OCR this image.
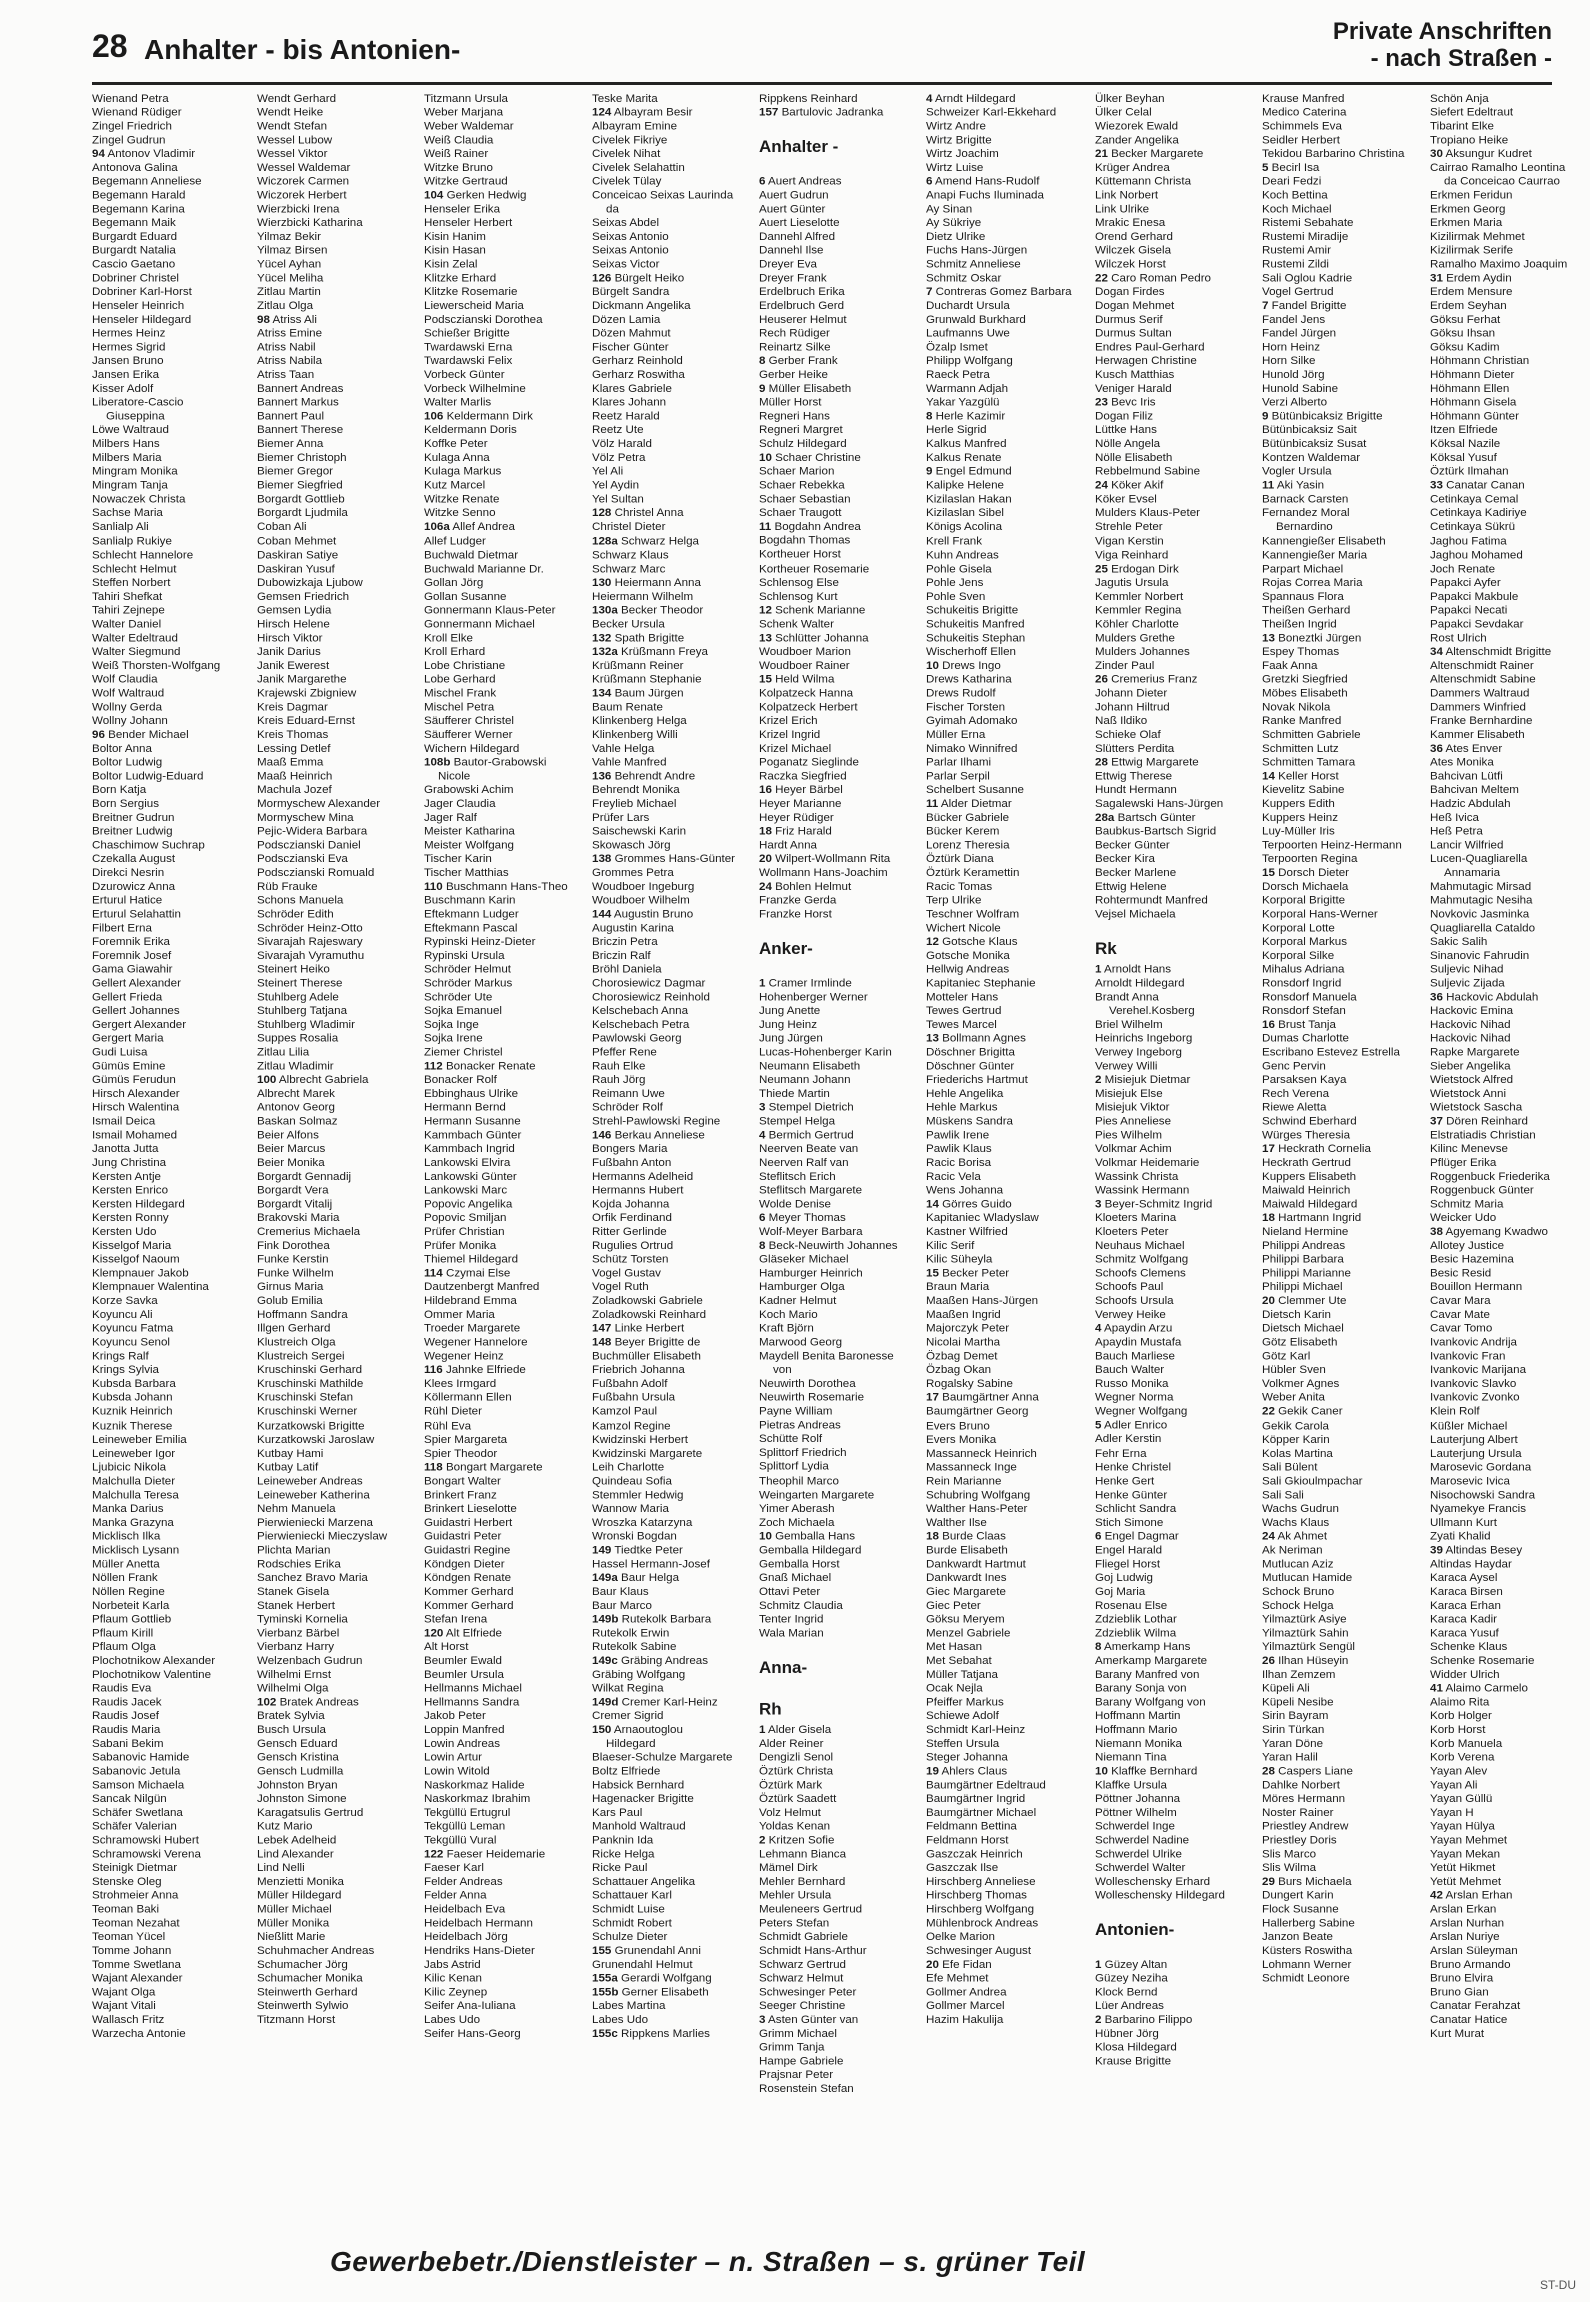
28 Anhalter - bis Antonien-
Private Anschriften
- nach Straßen -
Wienand Petra
Wienand Rüdiger
Zingel Friedrich
Zingel Gudrun
94 Antonov Vladimir
Antonova Galina
Begemann Anneliese
Begemann Harald
Begemann Karina
Begemann Maik
Burgardt Eduard
Burgardt Natalia
Cascio Gaetano
Dobriner Christel
Dobriner Karl-Horst
Henseler Heinrich
Henseler Hildegard
Hermes Heinz
Hermes Sigrid
Jansen Bruno
Jansen Erika
Kisser Adolf
Liberatore-Cascio
Giuseppina
Löwe Waltraud
Milbers Hans
Milbers Maria
Mingram Monika
Mingram Tanja
Nowaczek Christa
Sachse Maria
Sanlialp Ali
Sanlialp Rukiye
Schlecht Hannelore
Schlecht Helmut
Steffen Norbert
Tahiri Shefkat
Tahiri Zejnepe
Walter Daniel
Walter Edeltraud
Walter Siegmund
Weiß Thorsten-Wolfgang
Wolf Claudia
Wolf Waltraud
Wollny Gerda
Wollny Johann
96 Bender Michael
Boltor Anna
Boltor Ludwig
Boltor Ludwig-Eduard
Born Katja
Born Sergius
Breitner Gudrun
Breitner Ludwig
Chaschimow Suchrap
Czekalla August
Direkci Nesrin
Dzurowicz Anna
Erturul Hatice
Erturul Selahattin
Filbert Erna
Foremnik Erika
Foremnik Josef
Gama Giawahir
Gellert Alexander
Gellert Frieda
Gellert Johannes
Gergert Alexander
Gergert Maria
Gudi Luisa
Gümüs Emine
Gümüs Ferudun
Hirsch Alexander
Hirsch Walentina
Ismail Deica
Ismail Mohamed
Janotta Jutta
Jung Christina
Kersten Antje
Kersten Enrico
Kersten Hildegard
Kersten Ronny
Kersten Udo
Kisselgof Maria
Kisselgof Naoum
Klempnauer Jakob
Klempnauer Walentina
Korze Savka
Koyuncu Ali
Koyuncu Fatma
Koyuncu Senol
Krings Ralf
Krings Sylvia
Kubsda Barbara
Kubsda Johann
Kuznik Heinrich
Kuznik Therese
Leineweber Emilia
Leineweber Igor
Ljubicic Nikola
Malchulla Dieter
Malchulla Teresa
Manka Darius
Manka Grazyna
Micklisch Ilka
Micklisch Lysann
Müller Anetta
Nöllen Frank
Nöllen Regine
Norbeteit Karla
Pflaum Gottlieb
Pflaum Kirill
Pflaum Olga
Plochotnikow Alexander
Plochotnikow Valentine
Raudis Eva
Raudis Jacek
Raudis Josef
Raudis Maria
Sabani Bekim
Sabanovic Hamide
Sabanovic Jetula
Samson Michaela
Sancak Nilgün
Schäfer Swetlana
Schäfer Valerian
Schramowski Hubert
Schramowski Verena
Steinigk Dietmar
Stenske Oleg
Strohmeier Anna
Teoman Baki
Teoman Nezahat
Teoman Yücel
Tomme Johann
Tomme Swetlana
Wajant Alexander
Wajant Olga
Wajant Vitali
Wallasch Fritz
Warzecha Antonie
Wendt Gerhard
Wendt Heike
Wendt Stefan
Wessel Lubow
Wessel Viktor
Wessel Waldemar
Wiczorek Carmen
Wiczorek Herbert
Wierzbicki Irena
Wierzbicki Katharina
Yilmaz Bekir
Yilmaz Birsen
Yücel Ayhan
Yücel Meliha
Zitlau Martin
Zitlau Olga
98 Atriss Ali
Atriss Emine
Atriss Nabil
Atriss Nabila
Atriss Taan
Bannert Andreas
Bannert Markus
Bannert Paul
Bannert Therese
Biemer Anna
Biemer Christoph
Biemer Gregor
Biemer Siegfried
Borgardt Gottlieb
Borgardt Ljudmila
Coban Ali
Coban Mehmet
Daskiran Satiye
Daskiran Yusuf
Dubowizkaja Ljubow
Gemsen Friedrich
Gemsen Lydia
Hirsch Helene
Hirsch Viktor
Janik Darius
Janik Ewerest
Janik Margarethe
Krajewski Zbigniew
Kreis Dagmar
Kreis Eduard-Ernst
Kreis Thomas
Lessing Detlef
Maaß Emma
Maaß Heinrich
Machula Jozef
Mormyschew Alexander
Mormyschew Mina
Pejic-Widera Barbara
Podsczianski Daniel
Podsczianski Eva
Podsczianski Romuald
Rüb Frauke
Schons Manuela
Schröder Edith
Schröder Heinz-Otto
Sivarajah Rajeswary
Sivarajah Vyramuthu
Steinert Heiko
Steinert Therese
Stuhlberg Adele
Stuhlberg Tatjana
Stuhlberg Wladimir
Suppes Rosalia
Zitlau Lilia
Zitlau Wladimir
100 Albrecht Gabriela
Albrecht Marek
Antonov Georg
Baskan Solmaz
Beier Alfons
Beier Marcus
Beier Monika
Borgardt Gennadij
Borgardt Vera
Borgardt Vitalij
Brakovski Maria
Cremerius Michaela
Fink Dorothea
Funke Kerstin
Funke Wilhelm
Girnus Maria
Golub Emilia
Hoffmann Sandra
Illgen Gerhard
Klustreich Olga
Klustreich Sergei
Kruschinski Gerhard
Kruschinski Mathilde
Kruschinski Stefan
Kruschinski Werner
Kurzatkowski Brigitte
Kurzatkowski Jaroslaw
Kutbay Hami
Kutbay Latif
Leineweber Andreas
Leineweber Katherina
Nehm Manuela
Pierwieniecki Marzena
Pierwieniecki Mieczyslaw
Plichta Marian
Rodschies Erika
Sanchez Bravo Maria
Stanek Gisela
Stanek Herbert
Tyminski Kornelia
Vierbanz Bärbel
Vierbanz Harry
Welzenbach Gudrun
Wilhelmi Ernst
Wilhelmi Olga
102 Bratek Andreas
Bratek Sylvia
Busch Ursula
Gensch Eduard
Gensch Kristina
Gensch Ludmilla
Johnston Bryan
Johnston Simone
Karagatsulis Gertrud
Kutz Mario
Lebek Adelheid
Lind Alexander
Lind Nelli
Menzietti Monika
Müller Hildegard
Müller Michael
Müller Monika
Nießlitt Marie
Schuhmacher Andreas
Schumacher Jörg
Schumacher Monika
Steinwerth Gerhard
Steinwerth Sylwio
Titzmann Horst
Titzmann Ursula
Weber Marjana
Weber Waldemar
Weiß Claudia
Weiß Rainer
Witzke Bruno
Witzke Gertraud
104 Gerken Hedwig
Henseler Erika
Henseler Herbert
Kisin Hanim
Kisin Hasan
Kisin Zelal
Klitzke Erhard
Klitzke Rosemarie
Liewerscheid Maria
Podsczianski Dorothea
Schießer Brigitte
Twardawski Erna
Twardawski Felix
Vorbeck Günter
Vorbeck Wilhelmine
Walter Marlis
106 Keldermann Dirk
Keldermann Doris
Koffke Peter
Kulaga Anna
Kulaga Markus
Kutz Marcel
Witzke Renate
Witzke Senno
106a Allef Andrea
Allef Ludger
Buchwald Dietmar
Buchwald Marianne Dr.
Gollan Jörg
Gollan Susanne
Gonnermann Klaus-Peter
Gonnermann Michael
Kroll Elke
Kroll Erhard
Lobe Christiane
Lobe Gerhard
Mischel Frank
Mischel Petra
Säufferer Christel
Säufferer Werner
Wichern Hildegard
108b Bautor-Grabowski
Nicole
Grabowski Achim
Jager Claudia
Jager Ralf
Meister Katharina
Meister Wolfgang
Tischer Karin
Tischer Matthias
110 Buschmann Hans-Theo
Buschmann Karin
Eftekmann Ludger
Eftekmann Pascal
Rypinski Heinz-Dieter
Rypinski Ursula
Schröder Helmut
Schröder Markus
Schröder Ute
Sojka Emanuel
Sojka Inge
Sojka Irene
Ziemer Christel
112 Bonacker Renate
Bonacker Rolf
Ebbinghaus Ulrike
Hermann Bernd
Hermann Susanne
Kammbach Günter
Kammbach Ingrid
Lankowski Elvira
Lankowski Günter
Lankowski Marc
Popovic Angelika
Popovic Smiljan
Prüfer Christian
Prüfer Monika
Thiemel Hildegard
114 Czymai Else
Dautzenbergt Manfred
Hildebrand Emma
Ommer Maria
Troeder Margarete
Wegener Hannelore
Wegener Heinz
116 Jahnke Elfriede
Klees Irmgard
Köllermann Ellen
Rühl Dieter
Rühl Eva
Spier Margareta
Spier Theodor
118 Bongart Margarete
Bongart Walter
Brinkert Franz
Brinkert Lieselotte
Guidastri Herbert
Guidastri Peter
Guidastri Regine
Köndgen Dieter
Köndgen Renate
Kommer Gerhard
Kommer Gerhard
Stefan Irena
120 Alt Elfriede
Alt Horst
Beumler Ewald
Beumler Ursula
Hellmanns Michael
Hellmanns Sandra
Jakob Peter
Loppin Manfred
Lowin Andreas
Lowin Artur
Lowin Witold
Naskorkmaz Halide
Naskorkmaz Ibrahim
Tekgüllü Ertugrul
Tekgüllü Leman
Tekgüllü Vural
122 Faeser Heidemarie
Faeser Karl
Felder Andreas
Felder Anna
Heidelbach Eva
Heidelbach Hermann
Heidelbach Jörg
Hendriks Hans-Dieter
Jabs Astrid
Kilic Kenan
Kilic Zeynep
Seifer Ana-Iuliana
Labes Udo
Seifer Hans-Georg
Teske Marita
124 Albayram Besir
Albayram Emine
Civelek Fikriye
Civelek Nihat
Civelek Selahattin
Civelek Tülay
Conceicao Seixas Laurinda
da
Seixas Abdel
Seixas Antonio
Seixas Antonio
Seixas Victor
126 Bürgelt Heiko
Bürgelt Sandra
Dickmann Angelika
Dözen Lamia
Dözen Mahmut
Fischer Günter
Gerharz Reinhold
Gerharz Roswitha
Klares Gabriele
Klares Johann
Reetz Harald
Reetz Ute
Völz Harald
Völz Petra
Yel Ali
Yel Aydin
Yel Sultan
128 Christel Anna
Christel Dieter
128a Schwarz Helga
Schwarz Klaus
Schwarz Marc
130 Heiermann Anna
Heiermann Wilhelm
130a Becker Theodor
Becker Ursula
132 Spath Brigitte
132a Krüßmann Freya
Krüßmann Reiner
Krüßmann Stephanie
134 Baum Jürgen
Baum Renate
Klinkenberg Helga
Klinkenberg Willi
Vahle Helga
Vahle Manfred
136 Behrendt Andre
Behrendt Monika
Freylieb Michael
Prüfer Lars
Saischewski Karin
Skowasch Jörg
138 Grommes Hans-Günter
Grommes Petra
Woudboer Ingeburg
Woudboer Wilhelm
144 Augustin Bruno
Augustin Karina
Briczin Petra
Briczin Ralf
Bröhl Daniela
Chorosiewicz Dagmar
Chorosiewicz Reinhold
Kelschebach Anna
Kelschebach Petra
Pawlowski Georg
Pfeffer Rene
Rauh Elke
Rauh Jörg
Reimann Uwe
Schröder Rolf
Strehl-Pawlowski Regine
146 Berkau Anneliese
Bongers Maria
Fußbahn Anton
Hermanns Adelheid
Hermanns Hubert
Kojda Johanna
Orfik Ferdinand
Ritter Gerlinde
Rugulies Ortrud
Schütz Torsten
Vogel Gustav
Vogel Ruth
Zoladkowski Gabriele
Zoladkowski Reinhard
147 Linke Herbert
148 Beyer Brigitte de
Buchmüller Elisabeth
Friebrich Johanna
Fußbahn Adolf
Fußbahn Ursula
Kamzol Paul
Kamzol Regine
Kwidzinski Herbert
Kwidzinski Margarete
Leih Charlotte
Quindeau Sofia
Stemmler Hedwig
Wannow Maria
Wroszka Katarzyna
Wronski Bogdan
149 Tiedtke Peter
Hassel Hermann-Josef
149a Baur Helga
Baur Klaus
Baur Marco
149b Rutekolk Barbara
Rutekolk Erwin
Rutekolk Sabine
149c Gräbing Andreas
Gräbing Wolfgang
Wilkat Regina
149d Cremer Karl-Heinz
Cremer Sigrid
150 Arnaoutoglou
Hildegard
Blaeser-Schulze Margarete
Boltz Elfriede
Habsick Bernhard
Hagenacker Brigitte
Kars Paul
Manhold Waltraud
Panknin Ida
Ricke Helga
Ricke Paul
Schattauer Angelika
Schattauer Karl
Schmidt Luise
Schmidt Robert
Schulze Dieter
155 Grunendahl Anni
Grunendahl Helmut
155a Gerardi Wolfgang
155b Gerner Elisabeth
Labes Martina
Labes Udo
155c Rippkens Marlies
Rippkens Reinhard
157 Bartulovic Jadranka

Anhalter -

6 Auert Andreas
Auert Gudrun
Auert Günter
Auert Lieselotte
Dannehl Alfred
Dannehl Ilse
Dreyer Eva
Dreyer Frank
Erdelbruch Erika
Erdelbruch Gerd
Heuserer Helmut
Rech Rüdiger
Reinartz Silke
8 Gerber Frank
Gerber Heike
9 Müller Elisabeth
Müller Horst
Regneri Hans
Regneri Margret
Schulz Hildegard
10 Schaer Christine
Schaer Marion
Schaer Rebekka
Schaer Sebastian
Schaer Traugott
11 Bogdahn Andrea
Bogdahn Thomas
Kortheuer Horst
Kortheuer Rosemarie
Schlensog Else
Schlensog Kurt
12 Schenk Marianne
Schenk Walter
13 Schlütter Johanna
Woudboer Marion
Woudboer Rainer
15 Held Wilma
Kolpatzeck Hanna
Kolpatzeck Herbert
Krizel Erich
Krizel Ingrid
Krizel Michael
Poganatz Sieglinde
Raczka Siegfried
16 Heyer Bärbel
Heyer Marianne
Heyer Rüdiger
18 Friz Harald
Hardt Anna
20 Wilpert-Wollmann Rita
Wollmann Hans-Joachim
24 Bohlen Helmut
Franzke Gerda
Franzke Horst

Anker-

1 Cramer Irmlinde
Hohenberger Werner
Jung Anette
Jung Heinz
Jung Jürgen
Lucas-Hohenberger Karin
Neumann Elisabeth
Neumann Johann
Thiede Martin
3 Stempel Dietrich
Stempel Helga
4 Bermich Gertrud
Neerven Beate van
Neerven Ralf van
Steflitsch Erich
Steflitsch Margarete
Wolde Denise
6 Meyer Thomas
Wolf-Meyer Barbara
8 Beck-Neuwirth Johannes
Gläseker Michael
Hamburger Heinrich
Hamburger Olga
Kadner Helmut
Koch Mario
Kraft Björn
Marwood Georg
Maydell Benita Baronesse
von
Neuwirth Dorothea
Neuwirth Rosemarie
Payne William
Pietras Andreas
Schütte Rolf
Splittorf Friedrich
Splittorf Lydia
Theophil Marco
Weingarten Margarete
Yimer Aberash
Zoch Michaela
10 Gemballa Hans
Gemballa Hildegard
Gemballa Horst
Gnaß Michael
Ottavi Peter
Schmitz Claudia
Tenter Ingrid
Wala Marian

Anna-

Rh
1 Alder Gisela
Alder Reiner
Dengizli Senol
Öztürk Christa
Öztürk Mark
Öztürk Saadett
Volz Helmut
Yoldas Kenan
2 Kritzen Sofie
Lehmann Bianca
Mämel Dirk
Mehler Bernhard
Mehler Ursula
Meuleneers Gertrud
Peters Stefan
Schmidt Gabriele
Schmidt Hans-Arthur
Schwarz Gertrud
Schwarz Helmut
Schwesinger Peter
Seeger Christine
3 Asten Günter van
Grimm Michael
Grimm Tanja
Hampe Gabriele
Prajsnar Peter
Rosenstein Stefan
4 Arndt Hildegard
Schweizer Karl-Ekkehard
Wirtz Andre
Wirtz Brigitte
Wirtz Joachim
Wirtz Luise
6 Amend Hans-Rudolf
Anapi Fuchs Iluminada
Ay Sinan
Ay Sükriye
Dietz Ulrike
Fuchs Hans-Jürgen
Schmitz Anneliese
Schmitz Oskar
7 Contreras Gomez Barbara
Duchardt Ursula
Grunwald Burkhard
Laufmanns Uwe
Özalp Ismet
Philipp Wolfgang
Raeck Petra
Warmann Adjah
Yakar Yazgülü
8 Herle Kazimir
Herle Sigrid
Kalkus Manfred
Kalkus Renate
9 Engel Edmund
Kalipke Helene
Kizilaslan Hakan
Kizilaslan Sibel
Königs Acolina
Krell Frank
Kuhn Andreas
Pohle Gisela
Pohle Jens
Pohle Sven
Schukeitis Brigitte
Schukeitis Manfred
Schukeitis Stephan
Wischerhoff Ellen
10 Drews Ingo
Drews Katharina
Drews Rudolf
Fischer Torsten
Gyimah Adomako
Müller Erna
Nimako Winnifred
Parlar Ilhami
Parlar Serpil
Schelbert Susanne
11 Alder Dietmar
Bücker Gabriele
Bücker Kerem
Lorenz Theresia
Öztürk Diana
Öztürk Keramettin
Racic Tomas
Terp Ulrike
Teschner Wolfram
Wichert Nicole
12 Gotsche Klaus
Gotsche Monika
Hellwig Andreas
Kapitaniec Stephanie
Motteler Hans
Tewes Gertrud
Tewes Marcel
13 Bollmann Agnes
Döschner Brigitta
Döschner Günter
Friederichs Hartmut
Hehle Angelika
Hehle Markus
Müskens Sandra
Pawlik Irene
Pawlik Klaus
Racic Borisa
Racic Vela
Wens Johanna
14 Görres Guido
Kapitaniec Wladyslaw
Kastner Wilfried
Kilic Serif
Kilic Süheyla
15 Becker Peter
Braun Maria
Maaßen Hans-Jürgen
Maaßen Ingrid
Majorczyk Peter
Nicolai Martha
Özbag Demet
Özbag Okan
Rogalsky Sabine
17 Baumgärtner Anna
Baumgärtner Georg
Evers Bruno
Evers Monika
Massanneck Heinrich
Massanneck Inge
Rein Marianne
Schubring Wolfgang
Walther Hans-Peter
Walther Ilse
18 Burde Claas
Burde Elisabeth
Dankwardt Hartmut
Dankwardt Ines
Giec Margarete
Giec Peter
Göksu Meryem
Menzel Gabriele
Met Hasan
Met Sebahat
Müller Tatjana
Ocak Nejla
Pfeiffer Markus
Schiewe Adolf
Schmidt Karl-Heinz
Steffen Ursula
Steger Johanna
19 Ahlers Claus
Baumgärtner Edeltraud
Baumgärtner Ingrid
Baumgärtner Michael
Feldmann Bettina
Feldmann Horst
Gaszczak Heinrich
Gaszczak Ilse
Hirschberg Anneliese
Hirschberg Thomas
Hirschberg Wolfgang
Mühlenbrock Andreas
Oelke Marion
Schwesinger August
20 Efe Fidan
Efe Mehmet
Gollmer Andrea
Gollmer Marcel
Hazim Hakulija
Ülker Beyhan
Ülker Celal
Wiezorek Ewald
Zander Angelika
21 Becker Margarete
Krüger Andrea
Küttemann Christa
Link Norbert
Link Ulrike
Mrakic Enesa
Orend Gerhard
Wilczek Gisela
Wilczek Horst
22 Caro Roman Pedro
Dogan Firdes
Dogan Mehmet
Durmus Serif
Durmus Sultan
Endres Paul-Gerhard
Herwagen Christine
Kusch Matthias
Veniger Harald
23 Bevc Iris
Dogan Filiz
Lüttke Hans
Nölle Angela
Nölle Elisabeth
Rebbelmund Sabine
24 Köker Akif
Köker Evsel
Mulders Klaus-Peter
Strehle Peter
Vigan Kerstin
Viga Reinhard
25 Erdogan Dirk
Jagutis Ursula
Kemmler Norbert
Kemmler Regina
Köhler Charlotte
Mulders Grethe
Mulders Johannes
Zinder Paul
26 Cremerius Franz
Johann Dieter
Johann Hiltrud
Naß Ildiko
Schieke Olaf
Slütters Perdita
28 Ettwig Margarete
Ettwig Therese
Hundt Hermann
Sagalewski Hans-Jürgen
28a Bartsch Günter
Baubkus-Bartsch Sigrid
Becker Günter
Becker Kira
Becker Marlene
Ettwig Helene
Rohtermundt Manfred
Vejsel Michaela

Rk
1 Arnoldt Hans
Arnoldt Hildegard
Brandt Anna
Verehel.Kosberg
Briel Wilhelm
Heinrichs Ingeborg
Verwey Ingeborg
Verwey Willi
2 Misiejuk Dietmar
Misiejuk Else
Misiejuk Viktor
Pies Anneliese
Pies Wilhelm
Volkmar Achim
Volkmar Heidemarie
Wassink Christa
Wassink Hermann
3 Beyer-Schmitz Ingrid
Kloeters Marina
Kloeters Peter
Neuhaus Michael
Schmitz Wolfgang
Schoofs Clemens
Schoofs Paul
Schoofs Ursula
Verwey Heike
4 Apaydin Arzu
Apaydin Mustafa
Bauch Marliese
Bauch Walter
Russo Monika
Wegner Norma
Wegner Wolfgang
5 Adler Enrico
Adler Kerstin
Fehr Erna
Henke Christel
Henke Gert
Henke Günter
Schlicht Sandra
Stich Simone
6 Engel Dagmar
Engel Harald
Fliegel Horst
Goj Ludwig
Goj Maria
Rosenau Else
Zdzieblik Lothar
Zdzieblik Wilma
8 Amerkamp Hans
Amerkamp Margarete
Barany Manfred von
Barany Sonja von
Barany Wolfgang von
Hoffmann Martin
Hoffmann Mario
Niemann Monika
Niemann Tina
10 Klaffke Bernhard
Klaffke Ursula
Pöttner Johanna
Pöttner Wilhelm
Schwerdel Inge
Schwerdel Nadine
Schwerdel Ulrike
Schwerdel Walter
Wolleschensky Erhard
Wolleschensky Hildegard

Antonien-

1 Güzey Altan
Güzey Neziha
Klock Bernd
Lüer Andreas
2 Barbarino Filippo
Hübner Jörg
Klosa Hildegard
Krause Brigitte
Krause Manfred
Medico Caterina
Schimmels Eva
Seidler Herbert
Tekidou Barbarino Christina
5 Becirl Isa
Deari Fedzi
Koch Bettina
Koch Michael
Ristemi Sebahate
Rustemi Miradije
Rustemi Amir
Rustemi Zildi
Sali Oglou Kadrie
Vogel Gertrud
7 Fandel Brigitte
Fandel Jens
Fandel Jürgen
Horn Heinz
Horn Silke
Hunold Jörg
Hunold Sabine
Verzi Alberto
9 Bütünbicaksiz Brigitte
Bütünbicaksiz Sait
Bütünbicaksiz Susat
Kontzen Waldemar
Vogler Ursula
11 Aki Yasin
Barnack Carsten
Fernandez Moral
Bernardino
Kannengießer Elisabeth
Kannengießer Maria
Parpart Michael
Rojas Correa Maria
Spannaus Flora
Theißen Gerhard
Theißen Ingrid
13 Boneztki Jürgen
Espey Thomas
Faak Anna
Gretzki Siegfried
Möbes Elisabeth
Novak Nikola
Ranke Manfred
Schmitten Gabriele
Schmitten Lutz
Schmitten Tamara
14 Keller Horst
Kievelitz Sabine
Kuppers Edith
Kuppers Heinz
Luy-Müller Iris
Terpoorten Heinz-Hermann
Terpoorten Regina
15 Dorsch Dieter
Dorsch Michaela
Korporal Brigitte
Korporal Hans-Werner
Korporal Lotte
Korporal Markus
Korporal Silke
Mihalus Adriana
Ronsdorf Ingrid
Ronsdorf Manuela
Ronsdorf Stefan
16 Brust Tanja
Dumas Charlotte
Escribano Estevez Estrella
Genc Pervin
Parsaksen Kaya
Rech Verena
Riewe Aletta
Schwind Eberhard
Würges Theresia
17 Heckrath Cornelia
Heckrath Gertrud
Kuppers Elisabeth
Maiwald Heinrich
Maiwald Hildegard
18 Hartmann Ingrid
Nieland Hermine
Philippi Andreas
Philippi Barbara
Philippi Marianne
Philippi Michael
20 Clemmer Ute
Dietsch Karin
Dietsch Michael
Götz Elisabeth
Götz Karl
Hübler Sven
Volkmer Agnes
Weber Anita
22 Gekik Caner
Gekik Carola
Köpper Karin
Kolas Martina
Sali Bülent
Sali Gkioulmpachar
Sali Sali
Wachs Gudrun
Wachs Klaus
24 Ak Ahmet
Ak Neriman
Mutlucan Aziz
Mutlucan Hamide
Schock Bruno
Schock Helga
Yilmaztürk Asiye
Yilmaztürk Sahin
Yilmaztürk Sengül
26 Ilhan Hüseyin
Ilhan Zemzem
Küpeli Ali
Küpeli Nesibe
Sirin Bayram
Sirin Türkan
Yaran Döne
Yaran Halil
28 Caspers Liane
Dahlke Norbert
Möres Hermann
Noster Rainer
Priestley Andrew
Priestley Doris
Slis Marco
Slis Wilma
29 Burs Michaela
Dungert Karin
Flock Susanne
Hallerberg Sabine
Janzon Beate
Küsters Roswitha
Lohmann Werner
Schmidt Leonore
Schön Anja
Siefert Edeltraut
Tibarint Elke
Tropiano Heike
30 Aksungur Kudret
Cairrao Ramalho Leontina
da Conceicao Caurrao
Erkmen Feridun
Erkmen Georg
Erkmen Maria
Kizilirmak Mehmet
Kizilirmak Serife
Ramalho Maximo Joaquim
31 Erdem Aydin
Erdem Mensure
Erdem Seyhan
Göksu Ferhat
Göksu Ihsan
Göksu Kadim
Höhmann Christian
Höhmann Dieter
Höhmann Ellen
Höhmann Gisela
Höhmann Günter
Itzen Elfriede
Köksal Nazile
Köksal Yusuf
Öztürk Ilmahan
33 Canatar Canan
Cetinkaya Cemal
Cetinkaya Kadiriye
Cetinkaya Sükrü
Jaghou Fatima
Jaghou Mohamed
Joch Renate
Papakci Ayfer
Papakci Makbule
Papakci Necati
Papakci Sevdakar
Rost Ulrich
34 Altenschmidt Brigitte
Altenschmidt Rainer
Altenschmidt Sabine
Dammers Waltraud
Dammers Winfried
Franke Bernhardine
Kammer Elisabeth
36 Ates Enver
Ates Monika
Bahcivan Lütfi
Bahcivan Meltem
Hadzic Abdulah
Heß Ivica
Heß Petra
Lancir Wilfried
Lucen-Quagliarella
Annamaria
Mahmutagic Mirsad
Mahmutagic Nesiha
Novkovic Jasminka
Quagliarella Cataldo
Sakic Salih
Sinanovic Fahrudin
Suljevic Nihad
Suljevic Zijada
36 Hackovic Abdulah
Hackovic Emina
Hackovic Nihad
Hackovic Nihad
Rapke Margarete
Sieber Angelika
Wietstock Alfred
Wietstock Anni
Wietstock Sascha
37 Dören Reinhard
Elstratiadis Christian
Kilinc Menevse
Pflüger Erika
Roggenbuck Friederika
Roggenbuck Günter
Schmitz Maria
Weicker Udo
38 Agyemang Kwadwo
Allotey Justice
Besic Hazemina
Besic Resid
Bouillon Hermann
Cavar Mara
Cavar Mate
Cavar Tomo
Ivankovic Andrija
Ivankovic Fran
Ivankovic Marijana
Ivankovic Slavko
Ivankovic Zvonko
Klein Rolf
Küßler Michael
Lauterjung Albert
Lauterjung Ursula
Marosevic Gordana
Marosevic Ivica
Nisochowski Sandra
Nyamekye Francis
Ullmann Kurt
Zyati Khalid
39 Altindas Besey
Altindas Haydar
Karaca Aysel
Karaca Birsen
Karaca Erhan
Karaca Kadir
Karaca Yusuf
Schenke Klaus
Schenke Rosemarie
Widder Ulrich
41 Alaimo Carmelo
Alaimo Rita
Korb Holger
Korb Horst
Korb Manuela
Korb Verena
Yayan Alev
Yayan Ali
Yayan Güllü
Yayan H
Yayan Hülya
Yayan Mehmet
Yayan Mekan
Yetüt Hikmet
Yetüt Mehmet
42 Arslan Erhan
Arslan Erkan
Arslan Nurhan
Arslan Nuriye
Arslan Süleyman
Bruno Armando
Bruno Elvira
Bruno Gian
Canatar Ferahzat
Canatar Hatice
Kurt Murat
Gewerbebetr./Dienstleister – n. Straßen – s. grüner Teil
ST-DU
